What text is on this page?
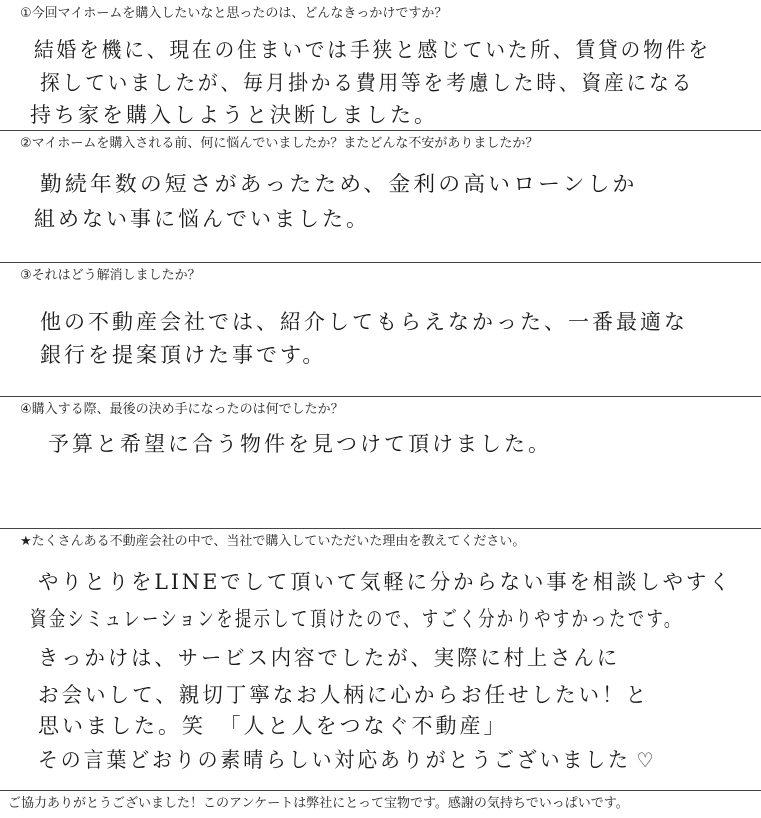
①今回マイホームを購入したいなと思ったのは、どんなきっかけですか？
結婚を機に、現在の住まいでは手狭と感じていた所、賃貸の物件を
探していましたが、毎月掛かる費用等を考慮した時、資産になる
持ち家を購入しようと決断しました。
②マイホームを購入される前、何に悩んでいましたか？またどんな不安がありましたか？
勤続年数の短さがあったため、金利の高いローンしか
組めない事に悩んでいました。
③それはどう解消しましたか？
他の不動産会社では、紹介してもらえなかった、一番最適な
銀行を提案頂けた事です。
④購入する際、最後の決め手になったのは何でしたか？
予算と希望に合う物件を見つけて頂けました。
★たくさんある不動産会社の中で、当社で購入していただいた理由を教えてください。
やりとりをLINEでして頂いて気軽に分からない事を相談しやすく
資金シミュレーションを提示して頂けたので、すごく分かりやすかったです。
きっかけは、サービス内容でしたが、実際に村上さんに
お会いして、親切丁寧なお人柄に心からお任せしたい！と
思いました。笑　「人と人をつなぐ不動産」
その言葉どおりの素晴らしい対応ありがとうございました ♡
ご協力ありがとうございました！このアンケートは弊社にとって宝物です。感謝の気持ちでいっぱいです。
